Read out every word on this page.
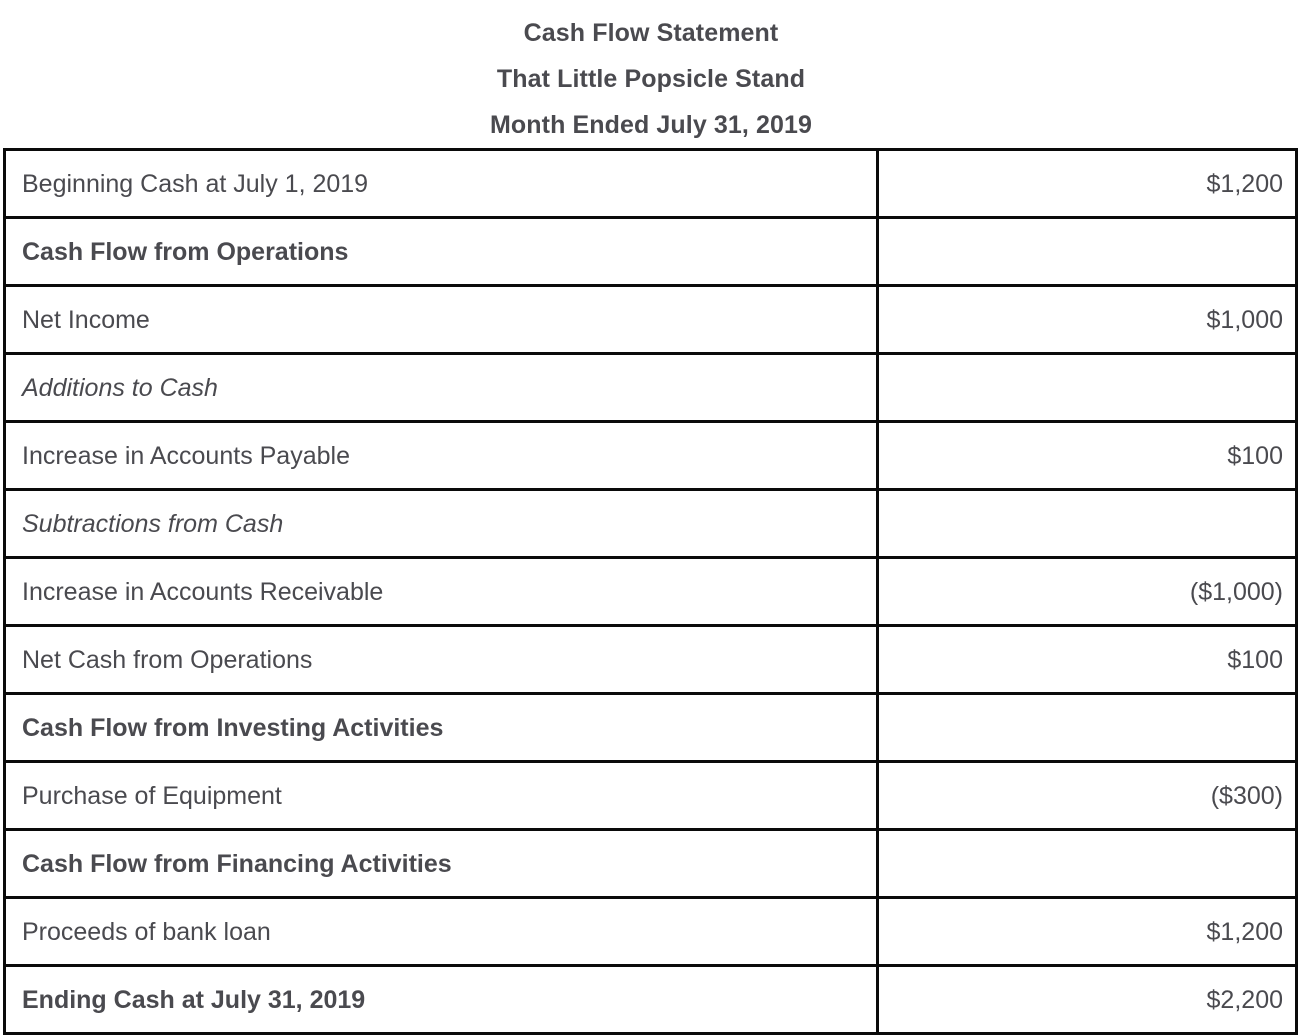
Cash Flow Statement
That Little Popsicle Stand
Month Ended July 31, 2019
Beginning Cash at July 1, 2019	$1,200
Cash Flow from Operations	
Net Income	$1,000
Additions to Cash	
Increase in Accounts Payable	$100
Subtractions from Cash	
Increase in Accounts Receivable	($1,000)
Net Cash from Operations	$100
Cash Flow from Investing Activities	
Purchase of Equipment	($300)
Cash Flow from Financing Activities	
Proceeds of bank loan	$1,200
Ending Cash at July 31, 2019	$2,200
